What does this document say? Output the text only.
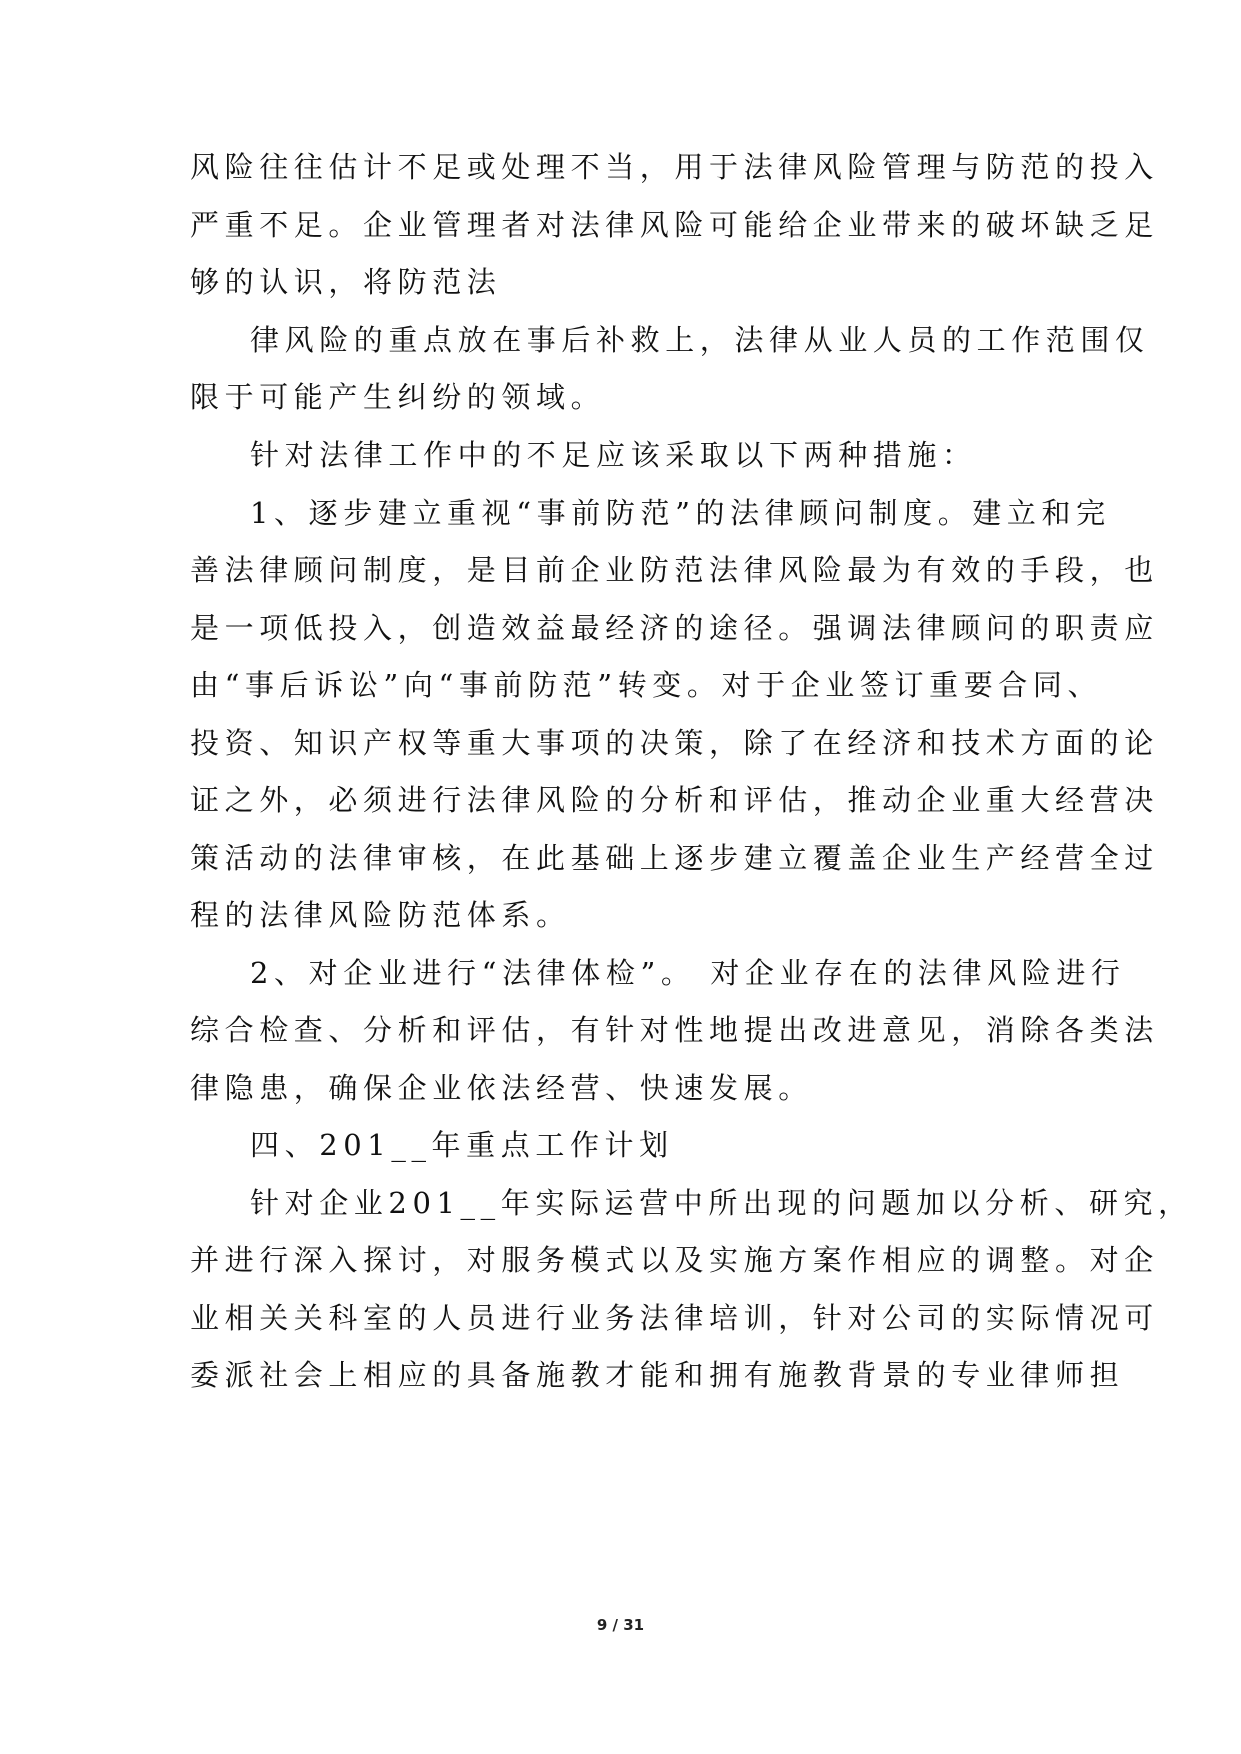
风险往往估计不足或处理不当，用于法律风险管理与防范的投入
严重不足。企业管理者对法律风险可能给企业带来的破坏缺乏足
够的认识，将防范法
律风险的重点放在事后补救上，法律从业人员的工作范围仅
限于可能产生纠纷的领域。
针对法律工作中的不足应该采取以下两种措施：
1、逐步建立重视“事前防范”的法律顾问制度。建立和完
善法律顾问制度，是目前企业防范法律风险最为有效的手段，也
是一项低投入，创造效益最经济的途径。强调法律顾问的职责应
由“事后诉讼”向“事前防范”转变。对于企业签订重要合同、
投资、知识产权等重大事项的决策，除了在经济和技术方面的论
证之外，必须进行法律风险的分析和评估，推动企业重大经营决
策活动的法律审核，在此基础上逐步建立覆盖企业生产经营全过
程的法律风险防范体系。
2、对企业进行“法律体检”。 对企业存在的法律风险进行
综合检查、分析和评估，有针对性地提出改进意见，消除各类法
律隐患，确保企业依法经营、快速发展。
四、201__年重点工作计划
针对企业201__年实际运营中所出现的问题加以分析、研究，
并进行深入探讨，对服务模式以及实施方案作相应的调整。对企
业相关关科室的人员进行业务法律培训，针对公司的实际情况可
委派社会上相应的具备施教才能和拥有施教背景的专业律师担
9 / 31
